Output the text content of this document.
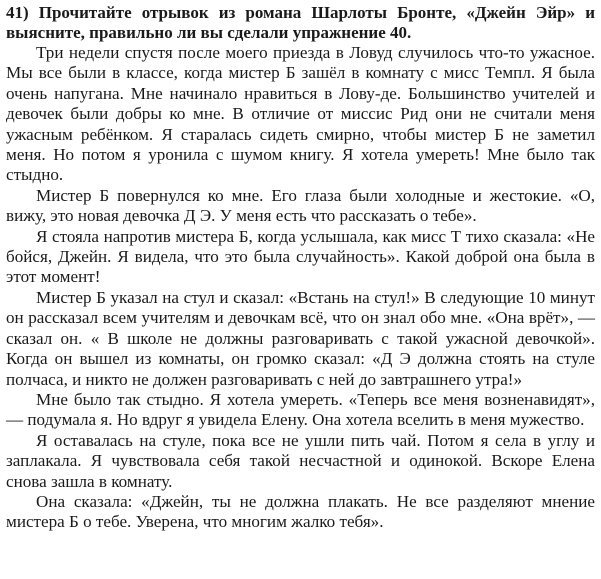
41) Прочитайте отрывок из романа Шарлоты Бронте, «Джейн Эйр» и выясните, правильно ли вы сделали упражнение 40.

Три недели спустя после моего приезда в Ловуд случилось что-то ужасное. Мы все были в классе, когда мистер Б зашёл в комнату с мисс Темпл. Я была очень напугана. Мне начинало нравиться в Лову-де. Большинство учителей и девочек были добры ко мне. В отличие от миссис Рид они не считали меня ужасным ребёнком. Я старалась сидеть смирно, чтобы мистер Б не заметил меня. Но потом я уронила с шумом книгу. Я хотела умереть! Мне было так стыдно.

Мистер Б повернулся ко мне. Его глаза были холодные и жестокие. «О, вижу, это новая девочка Д Э. У меня есть что рассказать о тебе».

Я стояла напротив мистера Б, когда услышала, как мисс Т тихо сказала: «Не бойся, Джейн. Я видела, что это была случайность». Какой доброй она была в этот момент!

Мистер Б указал на стул и сказал: «Встань на стул!» В следующие 10 минут он рассказал всем учителям и девочкам всё, что он знал обо мне. «Она врёт», — сказал он. « В школе не должны разговаривать с такой ужасной девочкой». Когда он вышел из комнаты, он громко сказал: «Д Э должна стоять на стуле полчаса, и никто не должен разговаривать с ней до завтрашнего утра!»

Мне было так стыдно. Я хотела умереть. «Теперь все меня возненавидят», — подумала я. Но вдруг я увидела Елену. Она хотела вселить в меня мужество.

Я оставалась на стуле, пока все не ушли пить чай. Потом я села в углу и заплакала. Я чувствовала себя такой несчастной и одинокой. Вскоре Елена снова зашла в комнату.

Она сказала: «Джейн, ты не должна плакать. Не все разделяют мнение мистера Б о тебе. Уверена, что многим жалко тебя».
